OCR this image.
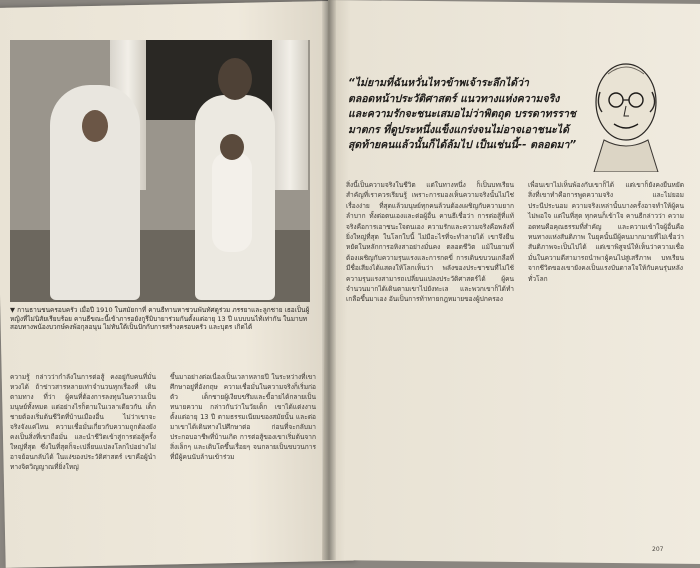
▼ กานธานชนครอบครัว เมื่อปี 1910 ในสมัยกาที่ คานธีทานหาชวนพันทัศดูร่วม ภรรยาและลูกชาย เธอเป็นผู้หญิงที่ไม่นิสัยเรียบร้อย คานธีขณะนี้เข้าภารอยังกูรีมิบายาร่วมกันตั้งแต่อายุ 13 ปี แบบบนไท้เท่ากัน ในมาบทสอบทางพน้องบวกษ์คงพ้อกุลอนุน ไม่ทันใต้เป็นปักกับการสร้างครอบครัว และบุตร เกิดได้
ความรู้ กล่าวว่ากำลังในการต่อสู้ คงอยู่กับคนที่มั่นหวงได้ ถ้าข่าวสารหลายเท่าจำนวนทุกเรื่องที่ เดินตามทาง ที่ว่า ผู้คนที่ต้องการลงทุนในความเป็นมนุษย์ทั้งหมด แต่อย่างไรก็ตามในเวลาเดียวกัน เด็กชายต้องเริ่มต้นชีวิตที่บ้านเมืองอื่น ไม่ว่าเขาจะจริงจังแค่ไหน ความเชื่อมั่นเกี่ยวกับความถูกต้องยังคงเป็นสิ่งที่เขาถือมั่น และนำชีวิตเข้าสู่การต่อสู้ครั้งใหญ่ที่สุด ซึ่งในที่สุดก็จะเปลี่ยนแปลงโลกไปอย่างไม่อาจย้อนกลับได้ ในแง่ของประวัติศาสตร์ เขาคือผู้นำทางจิตวิญญาณที่ยิ่งใหญ่
ขึ้นมาอย่างต่อเนื่องเป็นเวลาหลายปี ในระหว่างที่เขาศึกษาอยู่ที่อังกฤษ ความเชื่อมั่นในความจริงก็เริ่มก่อตัว เด็กชายผู้เงียบขรึมและขี้อายได้กลายเป็นทนายความ กล่าวกันว่าในวัยเด็ก เขาได้แต่งงานตั้งแต่อายุ 13 ปี ตามธรรมเนียมของสมัยนั้น และต่อมาเขาได้เดินทางไปศึกษาต่อ ก่อนที่จะกลับมาประกอบอาชีพที่บ้านเกิด การต่อสู้ของเขาเริ่มต้นจากสิ่งเล็กๆ และเติบโตขึ้นเรื่อยๆ จนกลายเป็นขบวนการที่มีผู้คนนับล้านเข้าร่วม
“ไม่ยามที่ฉันหวั่นไหวข้าพเจ้าระลึกได้ว่า
ตลอดหน้าประวัติศาสตร์ แนวทางแห่งความจริง
และความรักจะชนะเสมอไม่ว่าพิตถุด บรรดาทรราช
มาตกร ที่ดูประหนึ่งแข็งแกร่งจนไม่อาจเอาชนะได้
สุดท้ายคนแล้วนั้นก็ได้ล้มไป เป็นเช่นนี้-- ตลอดมา”
สิ่งนี้เป็นความจริงในชีวิต แต่ในทางหนึ่ง ก็เป็นบทเรียนสำคัญที่เราควรเรียนรู้ เพราะการมองเห็นความจริงนั้นไม่ใช่เรื่องง่าย ที่สุดแล้วมนุษย์ทุกคนล้วนต้องเผชิญกับความยากลำบาก ทั้งต่อตนเองและต่อผู้อื่น คานธีเชื่อว่า การต่อสู้ที่แท้จริงคือการเอาชนะใจตนเอง ความรักและความจริงคือพลังที่ยิ่งใหญ่ที่สุด ในโลกใบนี้ ไม่มีอะไรที่จะทำลายได้ เขาจึงยืนหยัดในหลักการอหิงสาอย่างมั่นคง ตลอดชีวิต แม้ในยามที่ต้องเผชิญกับความรุนแรงและการกดขี่ การเดินขบวนเกลือที่มีชื่อเสียงได้แสดงให้โลกเห็นว่า พลังของประชาชนที่ไม่ใช้ความรุนแรงสามารถเปลี่ยนแปลงประวัติศาสตร์ได้ ผู้คนจำนวนมากได้เดินตามเขาไปยังทะเล และพวกเขาก็ได้ทำเกลือขึ้นมาเอง อันเป็นการท้าทายกฎหมายของผู้ปกครอง
เพื่อนเขาไม่เห็นพ้องกับเขาก็ได้ แต่เขาก็ยังคงยืนหยัด สิ่งที่เขาทำคือการพูดความจริง และไม่ยอมประนีประนอม ความจริงเหล่านั้นบางครั้งอาจทำให้ผู้คนไม่พอใจ แต่ในที่สุด ทุกคนก็เข้าใจ คานธีกล่าวว่า ความอดทนคือคุณธรรมที่สำคัญ และความเข้าใจผู้อื่นคือหนทางแห่งสันติภาพ ในยุคนั้นมีผู้คนมากมายที่ไม่เชื่อว่าสันติภาพจะเป็นไปได้ แต่เขาพิสูจน์ให้เห็นว่าความเชื่อมั่นในความดีสามารถนำพาผู้คนไปสู่เสรีภาพ บทเรียนจากชีวิตของเขายังคงเป็นแรงบันดาลใจให้กับคนรุ่นหลังทั่วโลก
207
